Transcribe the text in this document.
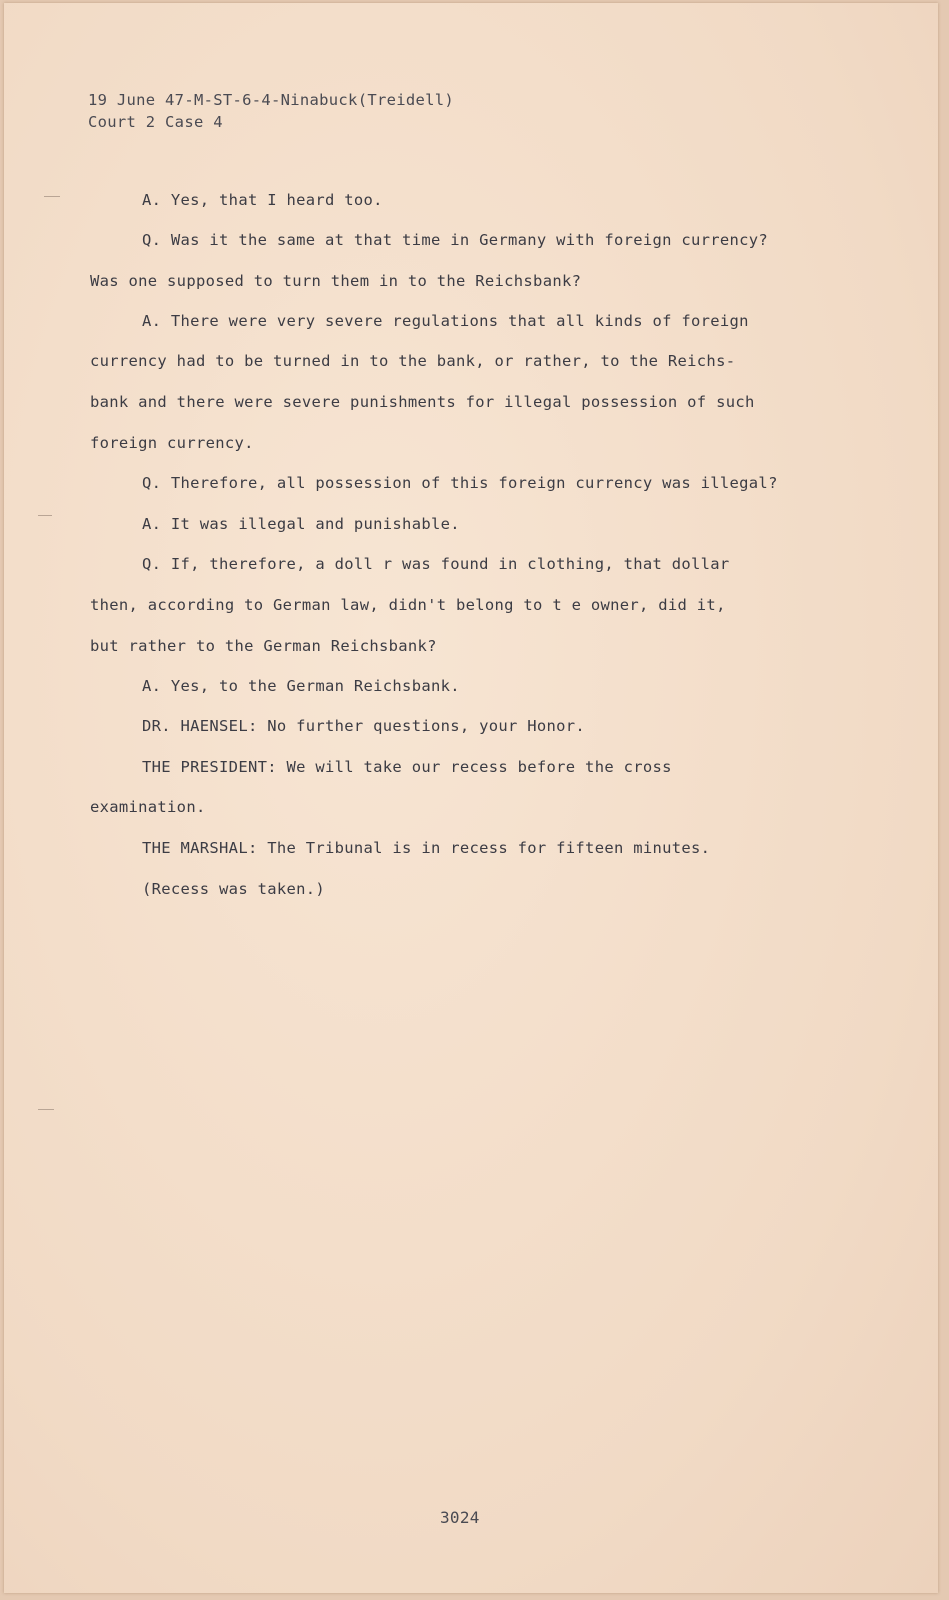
19 June 47-M-ST-6-4-Ninabuck(Treidell)
Court 2 Case 4
A. Yes, that I heard too.
Q. Was it the same at that time in Germany with foreign currency?
Was one supposed to turn them in to the Reichsbank?
A. There were very severe regulations that all kinds of foreign
currency had to be turned in to the bank, or rather, to the Reichs-
bank and there were severe punishments for illegal possession of such
foreign currency.
Q. Therefore, all possession of this foreign currency was illegal?
A. It was illegal and punishable.
Q. If, therefore, a doll r was found in clothing, that dollar
then, according to German law, didn't belong to t e owner, did it,
but rather to the German Reichsbank?
A. Yes, to the German Reichsbank.
DR. HAENSEL: No further questions, your Honor.
THE PRESIDENT: We will take our recess before the cross
examination.
THE MARSHAL: The Tribunal is in recess for fifteen minutes.
(Recess was taken.)
3024
